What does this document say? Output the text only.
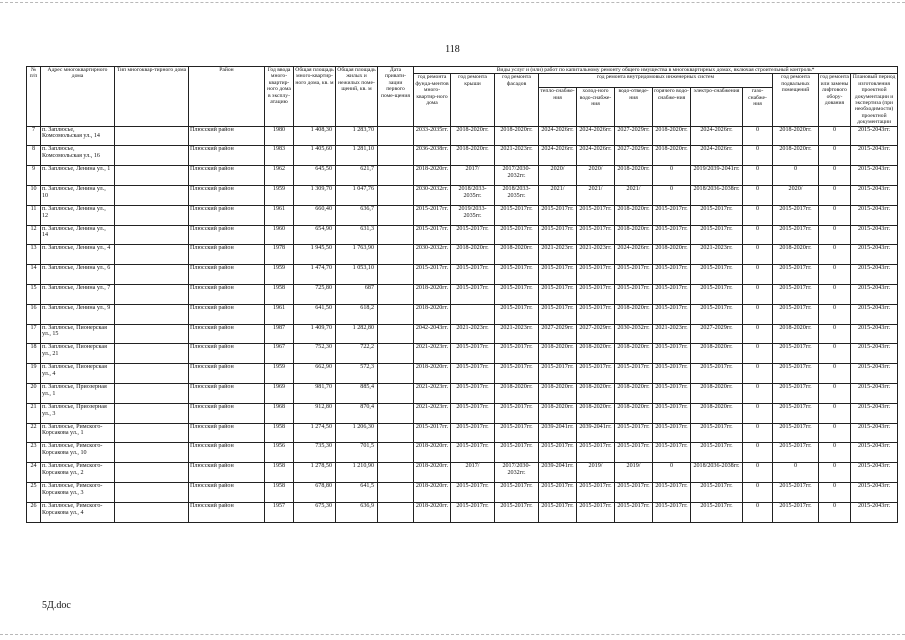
118
№ п/п	Адрес многоквартирного дома	Тип многоквар-тирного дома	Район	Год ввода много-квартир-ного дома в эксплу-атацию	Общая площадь много-квартир-ного дома, кв. м	Общая площадь жилых и нежилых поме-щений, кв. м	Дата привати-зации первого поме-щения	Виды услуг и (или) работ по капитальному ремонту общего имущества в многоквартирных домах, включая строительный контроль*											
								год ремонта фунда-ментов много-квартир-ного дома	год ремонта крыши	год ремонта фасадов	год ремонта внутридомовых инженерных систем						год ремонта подвальных помещений	год ремонта или замены лифтового обору-дования	Плановый период изготовления проектной документации и экспертиза (при необходимости) проектной документации
											тепло-снабже-ния	холод-ного водо-снабже-ния	водо-отведе-ния	горячего водо-снабже-ния	электро-снабжения	газо-снабже-ния			
7	п. Заплюсье, Комсомольская ул., 14		Плюсский район	1980	1 408,30	1 283,70		2033-2035гг.	2018-2020гг.	2018-2020гг.	2024-2026гг.	2024-2026гг.	2027-2029гг.	2018-2020гг.	2024-2026гг.	0	2018-2020гг.	0	2015-2043гг.
8	п. Заплюсье, Комсомольская ул., 16		Плюсский район	1983	1 405,60	1 281,10		2036-2038гг.	2018-2020гг.	2021-2023гг.	2024-2026гг.	2024-2026гг.	2027-2029гг.	2018-2020гг.	2024-2026гг.	0	2018-2020гг.	0	2015-2043гг.
9	п. Заплюсье, Ленина ул., 1		Плюсский район	1962	645,50	621,7		2018-2020гг.	2017/	2017/2030-2032гг.	2020/	2020/	2018-2020гг.	0	2019/2039-2041гг.	0	0	0	2015-2043гг.
10	п. Заплюсье, Ленина ул., 10		Плюсский район	1959	1 309,70	1 047,76		2030-2032гг.	2018/2033-2035гг.	2018/2033-2035гг.	2021/	2021/	2021/	0	2018/2036-2038гг.	0	2020/	0	2015-2043гг.
11	п. Заплюсье, Ленина ул., 12		Плюсский район	1961	660,40	636,7		2015-2017гг.	2019/2033-2035гг.	2015-2017гг.	2015-2017гг.	2015-2017гг.	2018-2020гг.	2015-2017гг.	2015-2017гг.	0	2015-2017гг.	0	2015-2043гг.
12	п. Заплюсье, Ленина ул., 14		Плюсский район	1960	654,90	631,3		2015-2017гг.	2015-2017гг.	2015-2017гг.	2015-2017гг.	2015-2017гг.	2018-2020гг.	2015-2017гг.	2015-2017гг.	0	2015-2017гг.	0	2015-2043гг.
13	п. Заплюсье, Ленина ул., 4		Плюсский район	1978	1 945,50	1 763,90		2030-2032гг.	2018-2020гг.	2018-2020гг.	2021-2023гг.	2021-2023гг.	2024-2026гг.	2018-2020гг.	2021-2023гг.	0	2018-2020гг.	0	2015-2043гг.
14	п. Заплюсье, Ленина ул., 6		Плюсский район	1959	1 474,70	1 053,10		2015-2017гг.	2015-2017гг.	2015-2017гг.	2015-2017гг.	2015-2017гг.	2015-2017гг.	2015-2017гг.	2015-2017гг.	0	2015-2017гг.	0	2015-2043гг.
15	п. Заплюсье, Ленина ул., 7		Плюсский район	1958	725,80	687		2018-2020гг.	2015-2017гг.	2015-2017гг.	2015-2017гг.	2015-2017гг.	2015-2017гг.	2015-2017гг.	2015-2017гг.	0	2015-2017гг.	0	2015-2043гг.
16	п. Заплюсье, Ленина ул., 9		Плюсский район	1961	641,50	618,2		2018-2020гг.		2015-2017гг.	2015-2017гг.	2015-2017гг.	2018-2020гг.	2015-2017гг.	2015-2017гг.	0	2015-2017гг.	0	2015-2043гг.
17	п. Заплюсье, Пионерская ул., 15		Плюсский район	1987	1 409,70	1 282,80		2042-2043гг.	2021-2023гг.	2021-2023гг.	2027-2029гг.	2027-2029гг.	2030-2032гг.	2021-2023гг.	2027-2029гг.	0	2018-2020гг.	0	2015-2043гг.
18	п. Заплюсье, Пионерская ул., 21		Плюсский район	1967	752,30	722,2		2021-2023гг.	2015-2017гг.	2015-2017гг.	2018-2020гг.	2018-2020гг.	2018-2020гг.	2015-2017гг.	2018-2020гг.	0	2015-2017гг.	0	2015-2043гг.
19	п. Заплюсье, Пионерская ул., 4		Плюсский район	1959	662,90	572,3		2018-2020гг.	2015-2017гг.	2015-2017гг.	2015-2017гг.	2015-2017гг.	2015-2017гг.	2015-2017гг.	2015-2017гг.	0	2015-2017гг.	0	2015-2043гг.
20	п. Заплюсье, Приозерная ул., 1		Плюсский район	1969	981,70	885,4		2021-2023гг.	2015-2017гг.	2018-2020гг.	2018-2020гг.	2018-2020гг.	2018-2020гг.	2015-2017гг.	2018-2020гг.	0	2015-2017гг.	0	2015-2043гг.
21	п. Заплюсье, Приозерная ул., 3		Плюсский район	1968	912,80	870,4		2021-2023гг.	2015-2017гг.	2015-2017гг.	2018-2020гг.	2018-2020гг.	2018-2020гг.	2015-2017гг.	2018-2020гг.	0	2015-2017гг.	0	2015-2043гг.
22	п. Заплюсье, Римского-Корсакова ул., 1		Плюсский район	1958	1 274,50	1 206,30		2015-2017гг.	2015-2017гг.	2015-2017гг.	2039-2041гг.	2039-2041гг.	2015-2017гг.	2015-2017гг.	2015-2017гг.	0	2015-2017гг.	0	2015-2043гг.
23	п. Заплюсье, Римского-Корсакова ул., 10		Плюсский район	1956	735,30	701,5		2018-2020гг.	2015-2017гг.	2015-2017гг.	2015-2017гг.	2015-2017гг.	2015-2017гг.	2015-2017гг.	2015-2017гг.	0	2015-2017гг.	0	2015-2043гг.
24	п. Заплюсье, Римского-Корсакова ул., 2		Плюсский район	1958	1 278,50	1 210,90		2018-2020гг.	2017/	2017/2030-2032гг.	2039-2041гг.	2019/	2019/	0	2018/2036-2038гг.	0	0	0	2015-2043гг.
25	п. Заплюсье, Римского-Корсакова ул., 3		Плюсский район	1958	678,80	641,5		2018-2020гг.	2015-2017гг.	2015-2017гг.	2015-2017гг.	2015-2017гг.	2015-2017гг.	2015-2017гг.	2015-2017гг.	0	2015-2017гг.	0	2015-2043гг.
26	п. Заплюсье, Римского-Корсакова ул., 4		Плюсский район	1957	675,30	636,9		2018-2020гг.	2015-2017гг.	2015-2017гг.	2015-2017гг.	2015-2017гг.	2015-2017гг.	2015-2017гг.	2015-2017гг.	0	2015-2017гг.	0	2015-2043гг.
5Д.doc
